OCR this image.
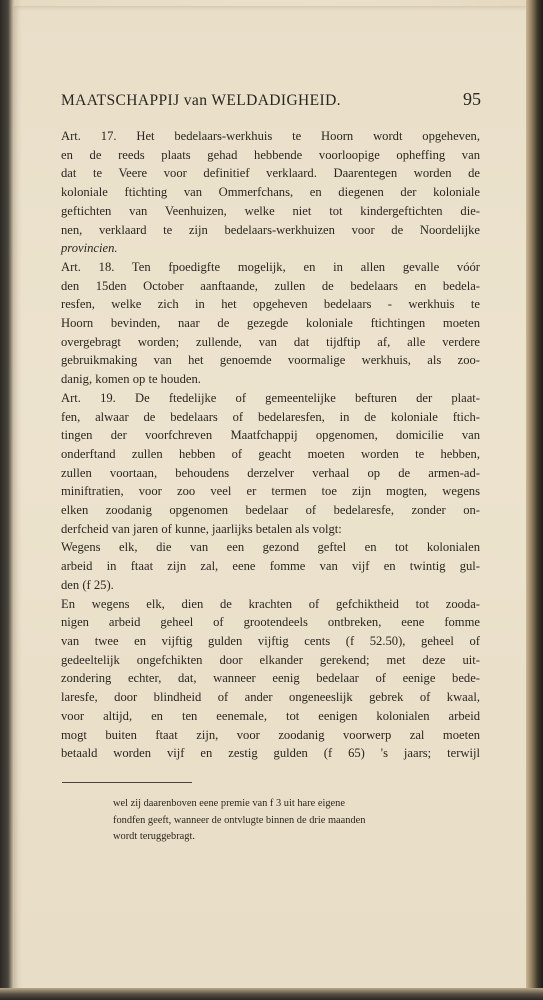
MAATSCHAPPIJ van WELDADIGHEID.	95

Art. 17. Het bedelaars-werkhuis te Hoorn wordt opgeheven,
en de reeds plaats gehad hebbende voorloopige opheffing van
dat te Veere voor definitief verklaard. Daarentegen worden de
koloniale ftichting van Ommerfchans, en diegenen der koloniale
geftichten van Veenhuizen, welke niet tot kindergeftichten die-
nen, verklaard te zijn bedelaars-werkhuizen voor de Noordelijke
provincien.

Art. 18. Ten fpoedigfte mogelijk, en in allen gevalle vóór
den 15den October aanftaande, zullen de bedelaars en bedela-
resfen, welke zich in het opgeheven bedelaars - werkhuis te
Hoorn bevinden, naar de gezegde koloniale ftichtingen moeten
overgebragt worden; zullende, van dat tijdftip af, alle verdere
gebruikmaking van het genoemde voormalige werkhuis, als zoo-
danig, komen op te houden.

Art. 19. De ftedelijke of gemeentelijke befturen der plaat-
fen, alwaar de bedelaars of bedelaresfen, in de koloniale ftich-
tingen der voorfchreven Maatfchappij opgenomen, domicilie van
onderftand zullen hebben of geacht moeten worden te hebben,
zullen voortaan, behoudens derzelver verhaal op de armen-ad-
miniftratien, voor zoo veel er termen toe zijn mogten, wegens
elken zoodanig opgenomen bedelaar of bedelaresfe, zonder on-
derfcheid van jaren of kunne, jaarlijks betalen als volgt:

Wegens elk, die van een gezond geftel en tot kolonialen
arbeid in ftaat zijn zal, eene fomme van vijf en twintig gul-
den (f 25).

En wegens elk, dien de krachten of gefchiktheid tot zooda-
nigen arbeid geheel of grootendeels ontbreken, eene fomme
van twee en vijftig gulden vijftig cents (f 52.50), geheel of
gedeeltelijk ongefchikten door elkander gerekend; met deze uit-
zondering echter, dat, wanneer eenig bedelaar of eenige bede-
laresfe, door blindheid of ander ongeneeslijk gebrek of kwaal,
voor altijd, en ten eenemale, tot eenigen kolonialen arbeid
mogt buiten ftaat zijn, voor zoodanig voorwerp zal moeten
betaald worden vijf en zestig gulden (f 65) 's jaars; terwijl

wel zij daarenboven eene premie van f 3 uit hare eigene
fondfen geeft, wanneer de ontvlugte binnen de drie maanden
wordt teruggebragt.
